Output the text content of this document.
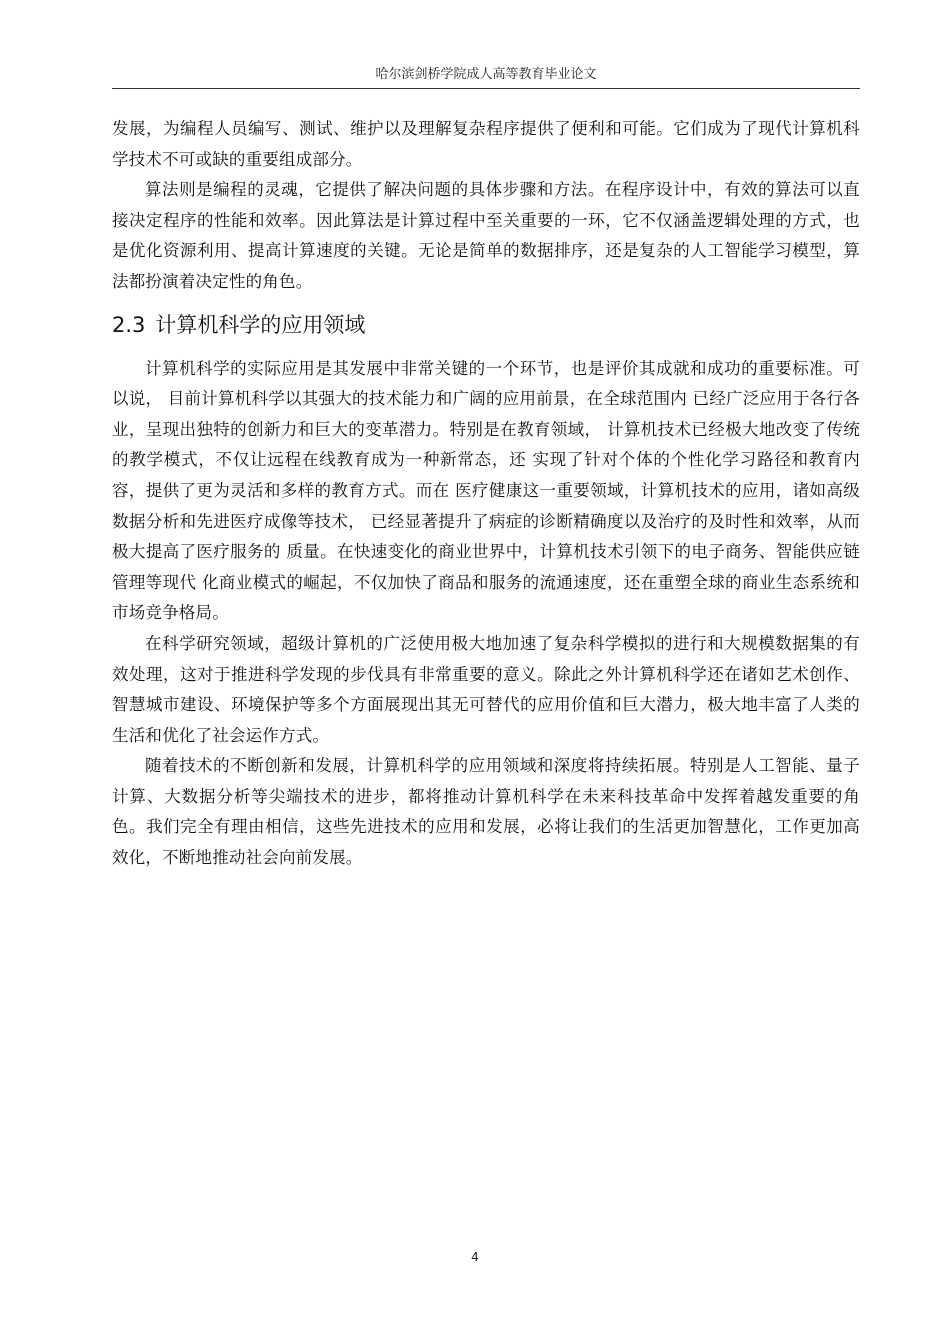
哈尔滨剑桥学院成人高等教育毕业论文

发展，为编程人员编写、测试、维护以及理解复杂程序提供了便利和可能。它们成为了现代计算机科学技术不可或缺的重要组成部分。

算法则是编程的灵魂，它提供了解决问题的具体步骤和方法。在程序设计中，有效的算法可以直接决定程序的性能和效率。因此算法是计算过程中至关重要的一环，它不仅涵盖逻辑处理的方式，也是优化资源利用、提高计算速度的关键。无论是简单的数据排序，还是复杂的人工智能学习模型，算法都扮演着决定性的角色。

2.3 计算机科学的应用领域

计算机科学的实际应用是其发展中非常关键的一个环节，也是评价其成就和成功的重要标准。可以说， 目前计算机科学以其强大的技术能力和广阔的应用前景，在全球范围内 已经广泛应用于各行各业，呈现出独特的创新力和巨大的变革潜力。特别是在教育领域， 计算机技术已经极大地改变了传统的教学模式，不仅让远程在线教育成为一种新常态，还 实现了针对个体的个性化学习路径和教育内容，提供了更为灵活和多样的教育方式。而在 医疗健康这一重要领域，计算机技术的应用，诸如高级数据分析和先进医疗成像等技术， 已经显著提升了病症的诊断精确度以及治疗的及时性和效率，从而极大提高了医疗服务的 质量。在快速变化的商业世界中，计算机技术引领下的电子商务、智能供应链管理等现代 化商业模式的崛起，不仅加快了商品和服务的流通速度，还在重塑全球的商业生态系统和 市场竞争格局。

在科学研究领域，超级计算机的广泛使用极大地加速了复杂科学模拟的进行和大规模数据集的有效处理，这对于推进科学发现的步伐具有非常重要的意义。除此之外计算机科学还在诸如艺术创作、智慧城市建设、环境保护等多个方面展现出其无可替代的应用价值和巨大潜力，极大地丰富了人类的生活和优化了社会运作方式。

随着技术的不断创新和发展，计算机科学的应用领域和深度将持续拓展。特别是人工智能、量子计算、大数据分析等尖端技术的进步，都将推动计算机科学在未来科技革命中发挥着越发重要的角色。我们完全有理由相信，这些先进技术的应用和发展，必将让我们的生活更加智慧化，工作更加高效化，不断地推动社会向前发展。

4
